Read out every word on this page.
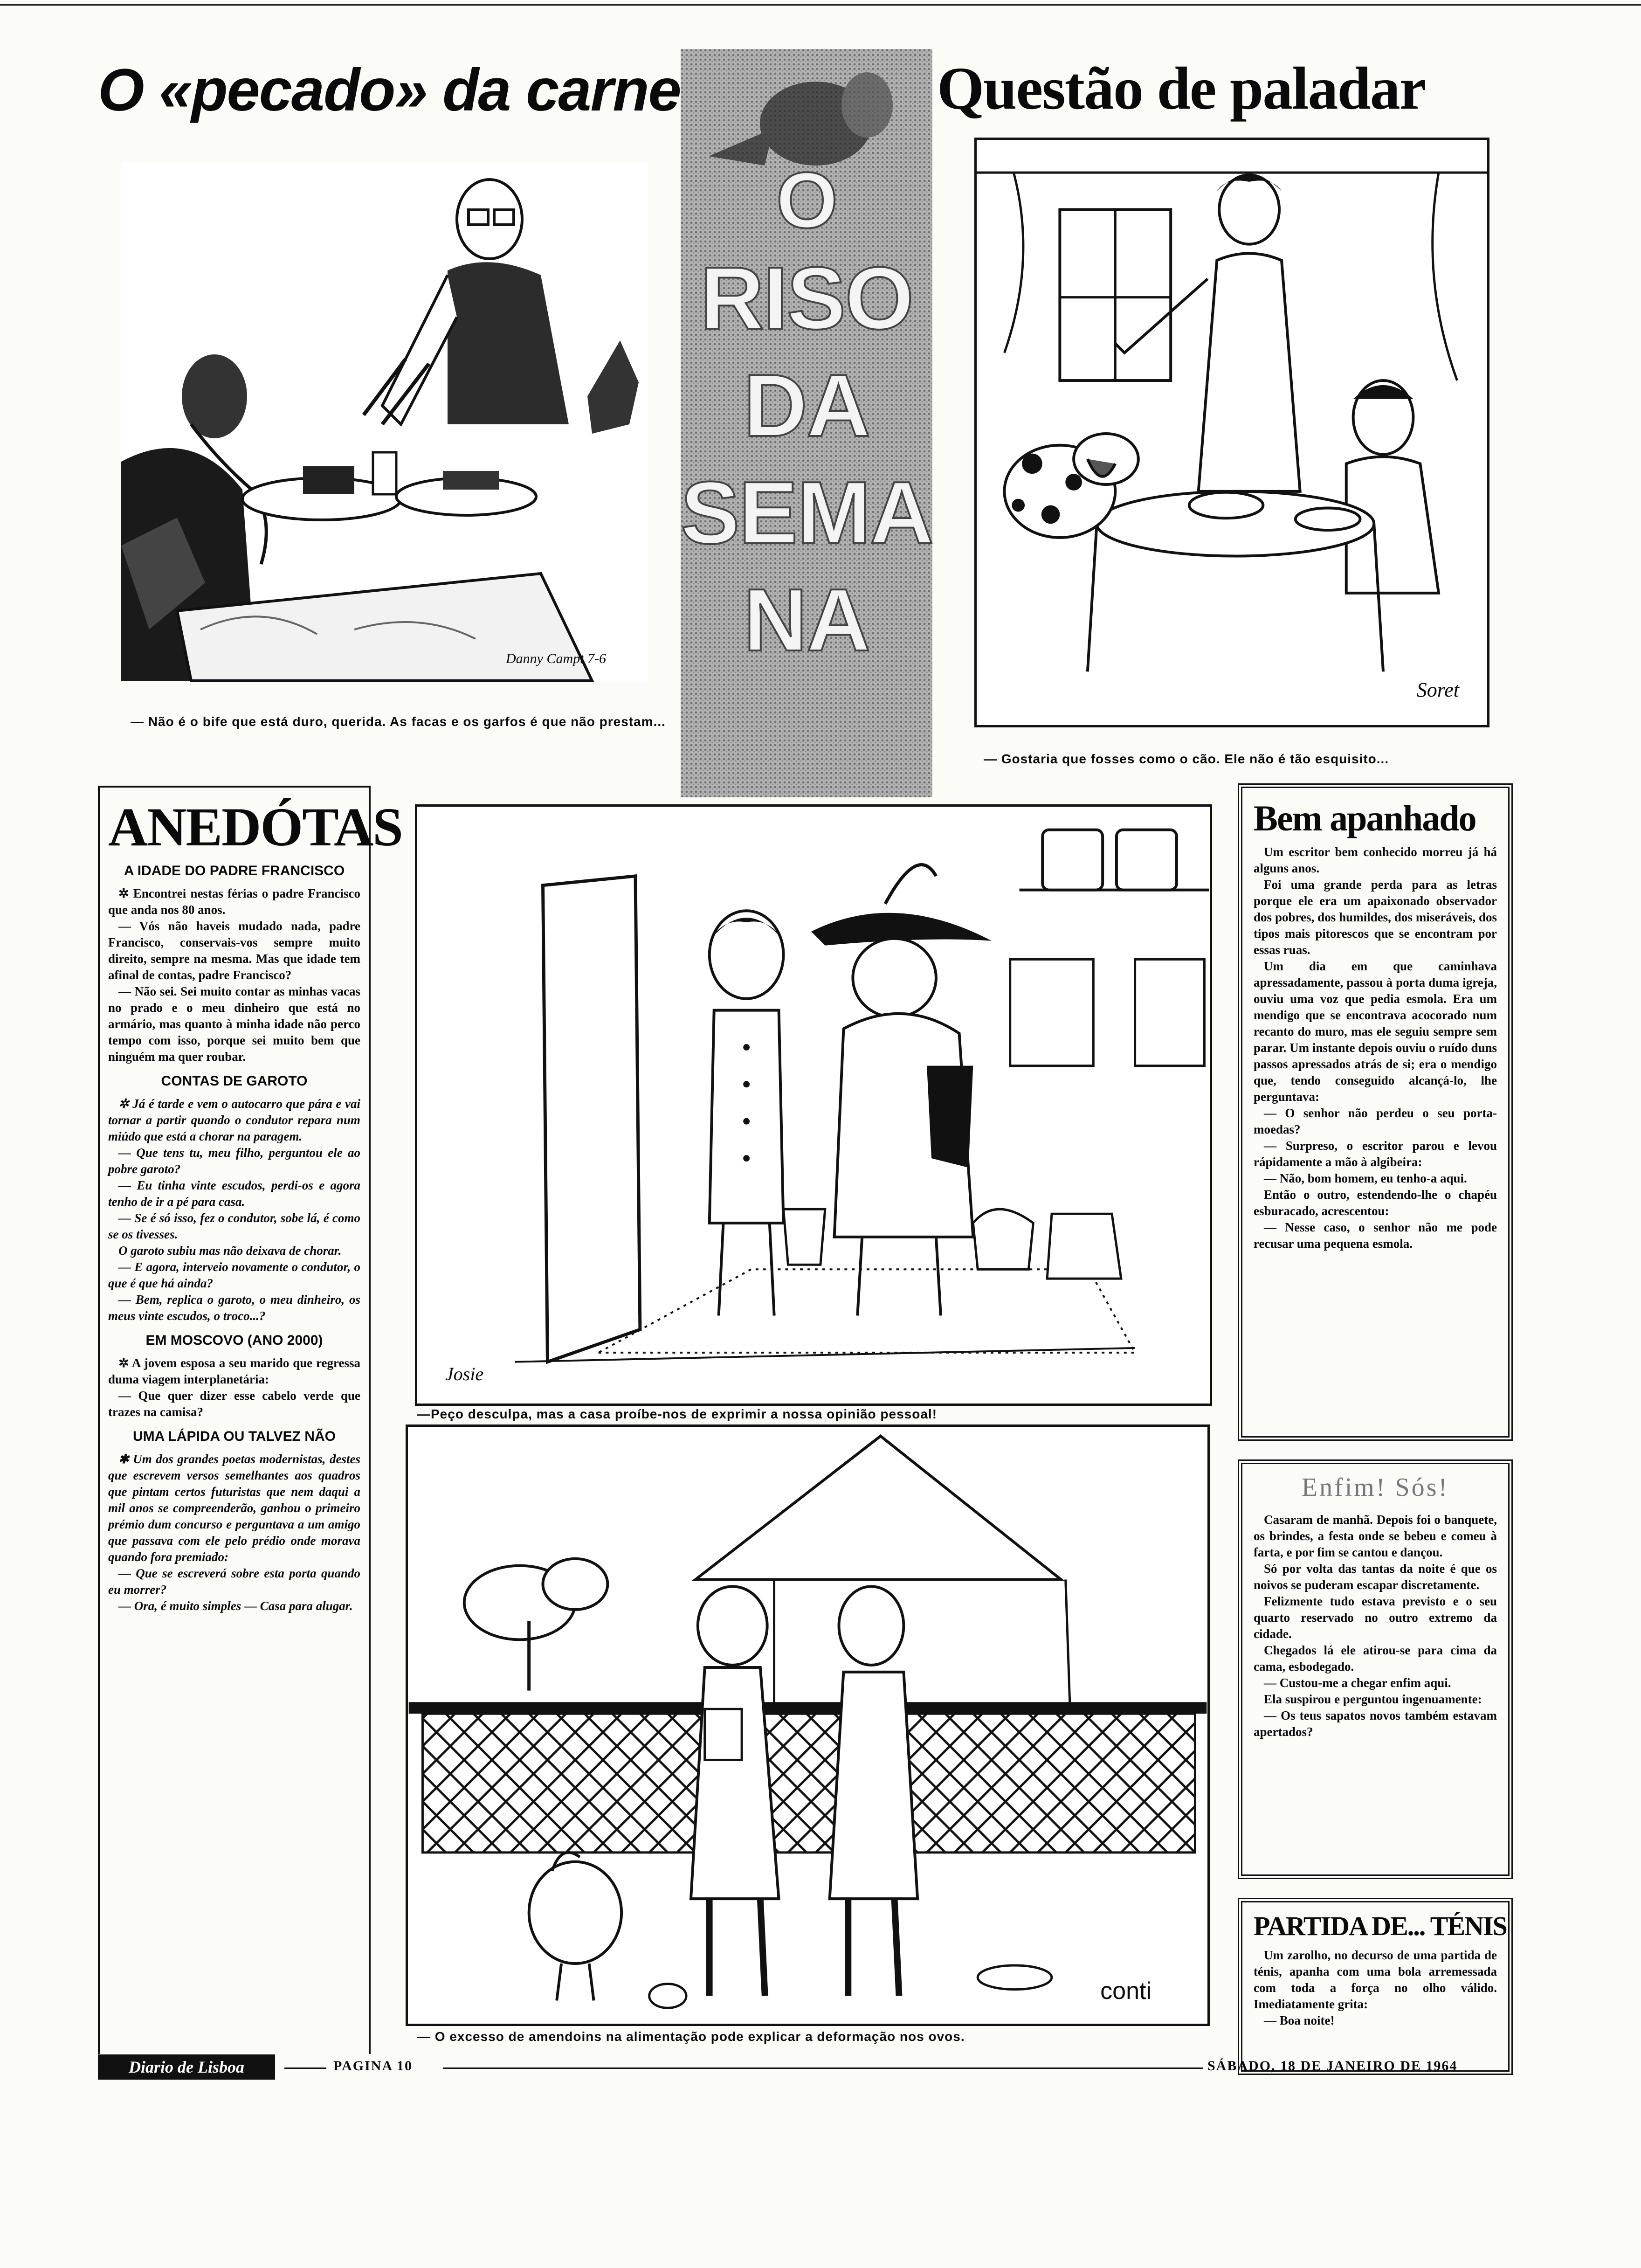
O «pecado» da carne	Questão de paladar
O
RISO
DA
SEMA
NA
Danny Campt 7-6

— Não é o bife que está duro, querida. As facas e os garfos é que não prestam...

Soret

— Gostaria que fosses como o cão. Ele não é tão esquisito...

ANEDÓTAS
A IDADE DO PADRE FRANCISCO

✲ Encontrei nestas férias o padre Francisco que anda nos 80 anos.

— Vós não haveis mudado nada, padre Francisco, conservais-vos sempre muito direito, sempre na mesma. Mas que idade tem afinal de contas, padre Francisco?

— Não sei. Sei muito contar as minhas vacas no prado e o meu dinheiro que está no armário, mas quanto à minha idade não perco tempo com isso, porque sei muito bem que ninguém ma quer roubar.

CONTAS DE GAROTO

✲ Já é tarde e vem o autocarro que pára e vai tornar a partir quando o condutor repara num miúdo que está a chorar na paragem.

— Que tens tu, meu filho, perguntou ele ao pobre garoto?

— Eu tinha vinte escudos, perdi-os e agora tenho de ir a pé para casa.

— Se é só isso, fez o condutor, sobe lá, é como se os tivesses.

O garoto subiu mas não deixava de chorar.

— E agora, interveio novamente o condutor, o que é que há ainda?

— Bem, replica o garoto, o meu dinheiro, os meus vinte escudos, o troco...?

EM MOSCOVO (ANO 2000)

✲ A jovem esposa a seu marido que regressa duma viagem interplanetária:

— Que quer dizer esse cabelo verde que trazes na camisa?

UMA LÁPIDA OU TALVEZ NÃO

✱ Um dos grandes poetas modernistas, destes que escrevem versos semelhantes aos quadros que pintam certos futuristas que nem daqui a mil anos se compreenderão, ganhou o primeiro prémio dum concurso e perguntava a um amigo que passava com ele pelo prédio onde morava quando fora premiado:

— Que se escreverá sobre esta porta quando eu morrer?

— Ora, é muito simples — Casa para alugar.

Josie

—Peço desculpa, mas a casa proíbe-nos de exprimir a nossa opinião pessoal!

conti

— O excesso de amendoins na alimentação pode explicar a deformação nos ovos.

Bem apanhado

Um escritor bem conhecido morreu já há alguns anos.

Foi uma grande perda para as letras porque ele era um apaixonado observador dos pobres, dos humildes, dos miseráveis, dos tipos mais pitorescos que se encontram por essas ruas.

Um dia em que caminhava apressadamente, passou à porta duma igreja, ouviu uma voz que pedia esmola. Era um mendigo que se encontrava acocorado num recanto do muro, mas ele seguiu sempre sem parar. Um instante depois ouviu o ruído duns passos apressados atrás de si; era o mendigo que, tendo conseguido alcançá-lo, lhe perguntava:

— O senhor não perdeu o seu porta-moedas?

— Surpreso, o escritor parou e levou rápidamente a mão à algibeira:

— Não, bom homem, eu tenho-a aqui.

Então o outro, estendendo-lhe o chapéu esburacado, acrescentou:

— Nesse caso, o senhor não me pode recusar uma pequena esmola.

Enfim! Sós!

Casaram de manhã. Depois foi o banquete, os brindes, a festa onde se bebeu e comeu à farta, e por fim se cantou e dançou.

Só por volta das tantas da noite é que os noivos se puderam escapar discretamente.

Felizmente tudo estava previsto e o seu quarto reservado no outro extremo da cidade.

Chegados lá ele atirou-se para cima da cama, esbodegado.

— Custou-me a chegar enfim aqui.

Ela suspirou e perguntou ingenuamente:

— Os teus sapatos novos também estavam apertados?

PARTIDA DE... TÉNIS

Um zarolho, no decurso de uma partida de ténis, apanha com uma bola arremessada com toda a força no olho válido. Imediatamente grita:

— Boa noite!

Diario de Lisboa	PAGINA 10	SÁBADO, 18 DE JANEIRO DE 1964
